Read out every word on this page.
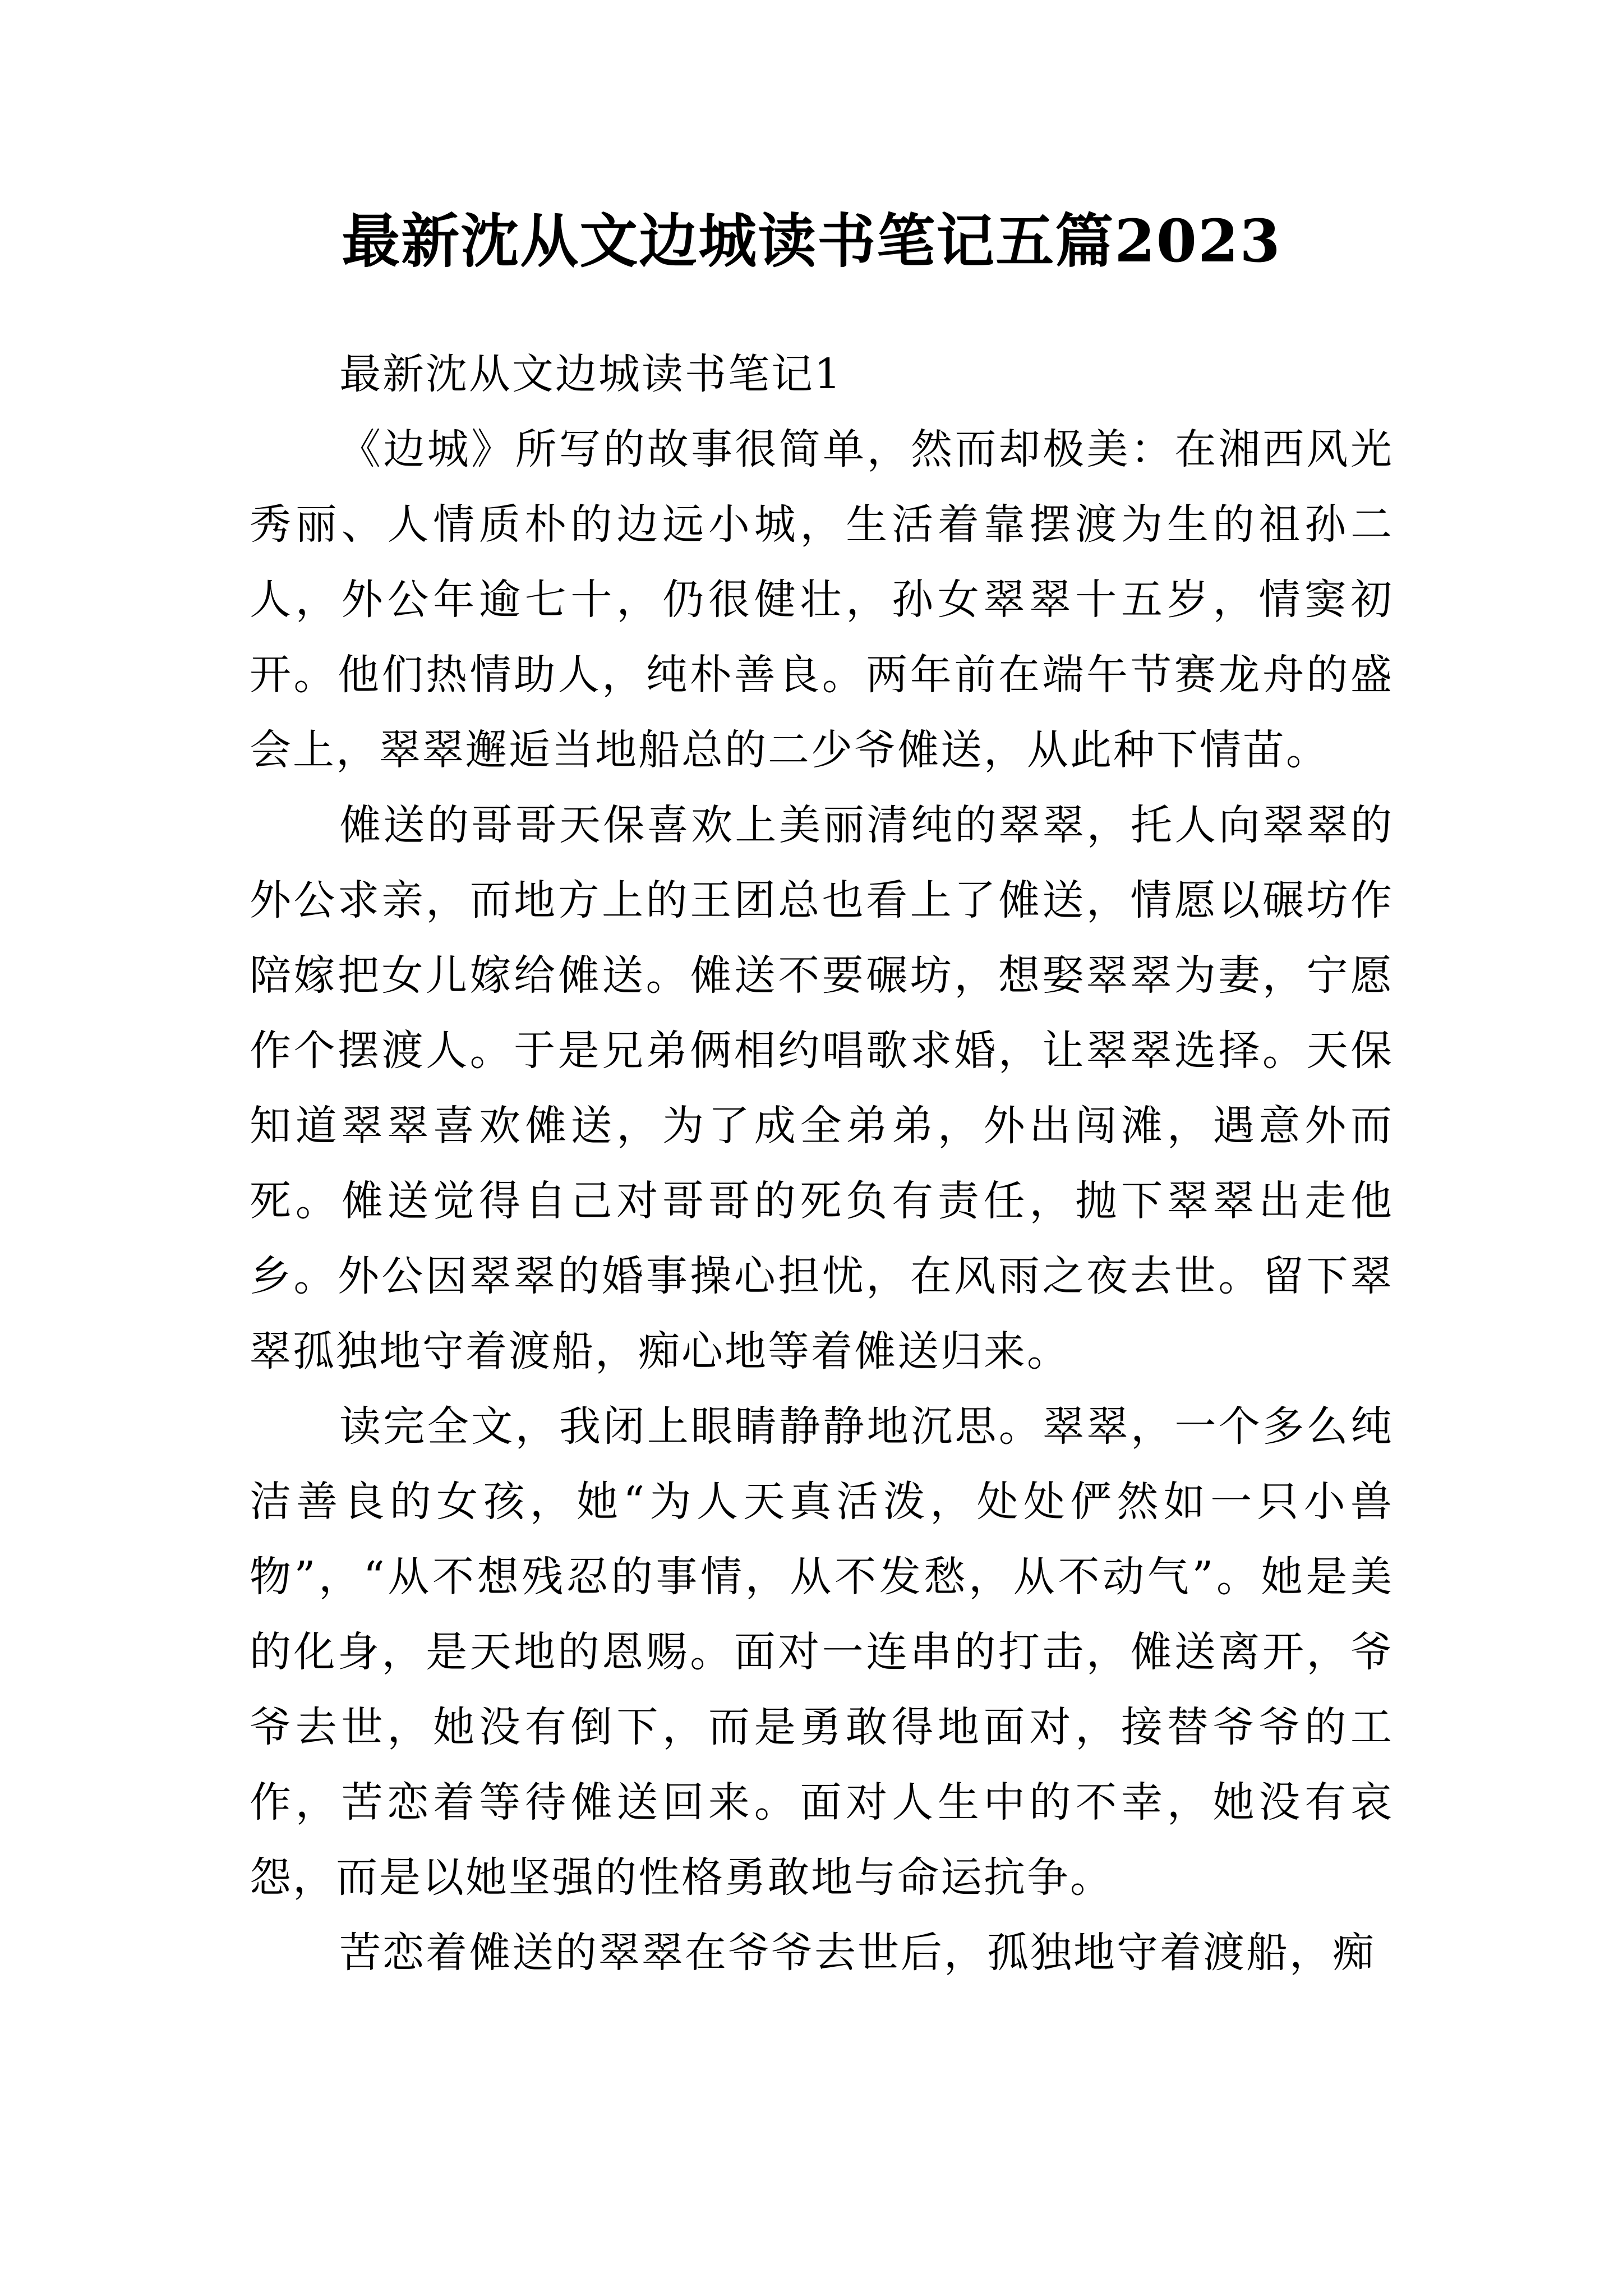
最新沈从文边城读书笔记五篇2023

最新沈从文边城读书笔记1

《边城》所写的故事很简单，然而却极美：在湘西风光秀丽、人情质朴的边远小城，生活着靠摆渡为生的祖孙二人，外公年逾七十，仍很健壮，孙女翠翠十五岁，情窦初开。他们热情助人，纯朴善良。两年前在端午节赛龙舟的盛会上，翠翠邂逅当地船总的二少爷傩送，从此种下情苗。

傩送的哥哥天保喜欢上美丽清纯的翠翠，托人向翠翠的外公求亲，而地方上的王团总也看上了傩送，情愿以碾坊作陪嫁把女儿嫁给傩送。傩送不要碾坊，想娶翠翠为妻，宁愿作个摆渡人。于是兄弟俩相约唱歌求婚，让翠翠选择。天保知道翠翠喜欢傩送，为了成全弟弟，外出闯滩，遇意外而死。傩送觉得自己对哥哥的死负有责任，抛下翠翠出走他乡。外公因翠翠的婚事操心担忧，在风雨之夜去世。留下翠翠孤独地守着渡船，痴心地等着傩送归来。

读完全文，我闭上眼睛静静地沉思。翠翠，一个多么纯洁善良的女孩，她“为人天真活泼，处处俨然如一只小兽物”，“从不想残忍的事情，从不发愁，从不动气”。她是美的化身，是天地的恩赐。面对一连串的打击，傩送离开，爷爷去世，她没有倒下，而是勇敢得地面对，接替爷爷的工作，苦恋着等待傩送回来。面对人生中的不幸，她没有哀怨，而是以她坚强的性格勇敢地与命运抗争。

苦恋着傩送的翠翠在爷爷去世后，孤独地守着渡船，痴
